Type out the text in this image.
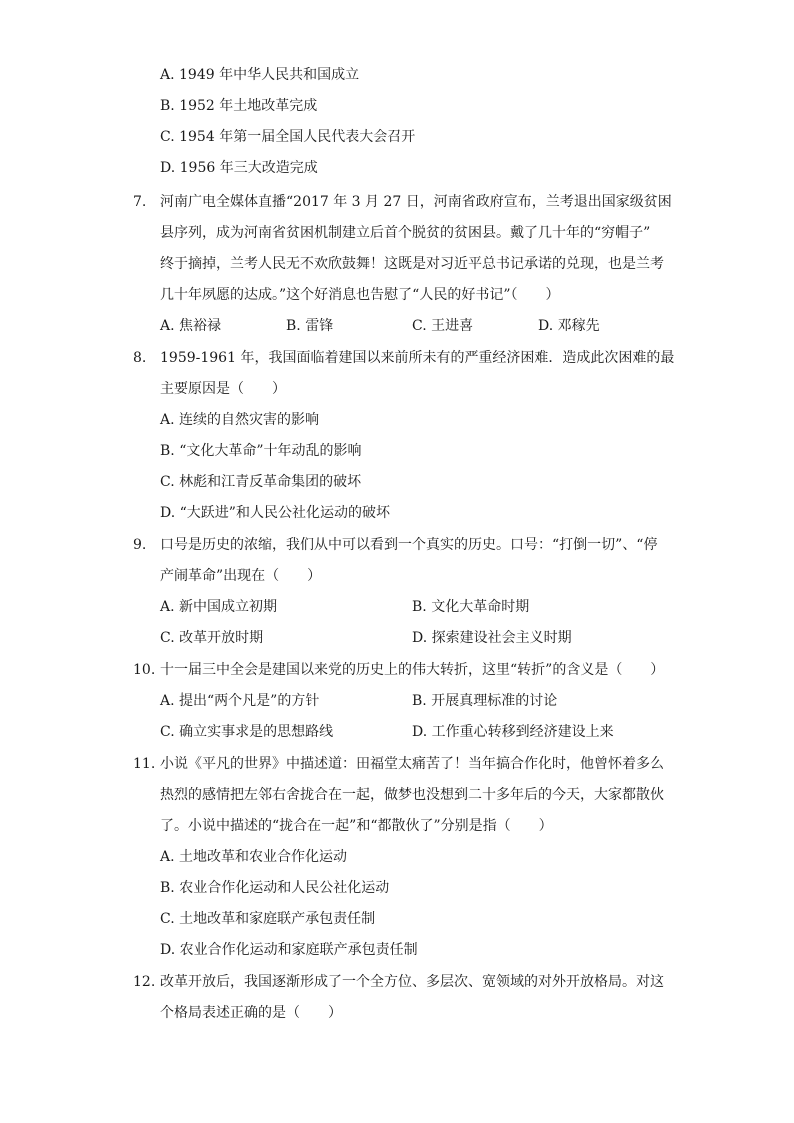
A. 1949 年中华人民共和国成立
B. 1952 年土地改革完成
C. 1954 年第一届全国人民代表大会召开
D. 1956 年三大改造完成
7. 河南广电全媒体直播“2017 年 3 月 27 日，河南省政府宣布，兰考退出国家级贫困
县序列，成为河南省贫困机制建立后首个脱贫的贫困县。戴了几十年的“穷帽子”
终于摘掉，兰考人民无不欢欣鼓舞！这既是对习近平总书记承诺的兑现，也是兰考
几十年夙愿的达成。”这个好消息也告慰了“人民的好书记”（　　）
A. 焦裕禄	B. 雷锋	C. 王进喜	D. 邓稼先
8. 1959-1961 年，我国面临着建国以来前所未有的严重经济困难．造成此次困难的最
主要原因是（　　）
A. 连续的自然灾害的影响
B. “文化大革命”十年动乱的影响
C. 林彪和江青反革命集团的破坏
D. “大跃进”和人民公社化运动的破坏
9. 口号是历史的浓缩，我们从中可以看到一个真实的历史。口号：“打倒一切”、“停
产闹革命”出现在（　　）
A. 新中国成立初期	B. 文化大革命时期
C. 改革开放时期	D. 探索建设社会主义时期
10. 十一届三中全会是建国以来党的历史上的伟大转折，这里“转折”的含义是（　　）
A. 提出“两个凡是”的方针	B. 开展真理标准的讨论
C. 确立实事求是的思想路线	D. 工作重心转移到经济建设上来
11. 小说《平凡的世界》中描述道：田福堂太痛苦了！当年搞合作化时，他曾怀着多么
热烈的感情把左邻右舍拢合在一起，做梦也没想到二十多年后的今天，大家都散伙
了。小说中描述的“拢合在一起”和“都散伙了”分别是指（　　）
A. 土地改革和农业合作化运动
B. 农业合作化运动和人民公社化运动
C. 土地改革和家庭联产承包责任制
D. 农业合作化运动和家庭联产承包责任制
12. 改革开放后，我国逐渐形成了一个全方位、多层次、宽领域的对外开放格局。对这
个格局表述正确的是（　　）
